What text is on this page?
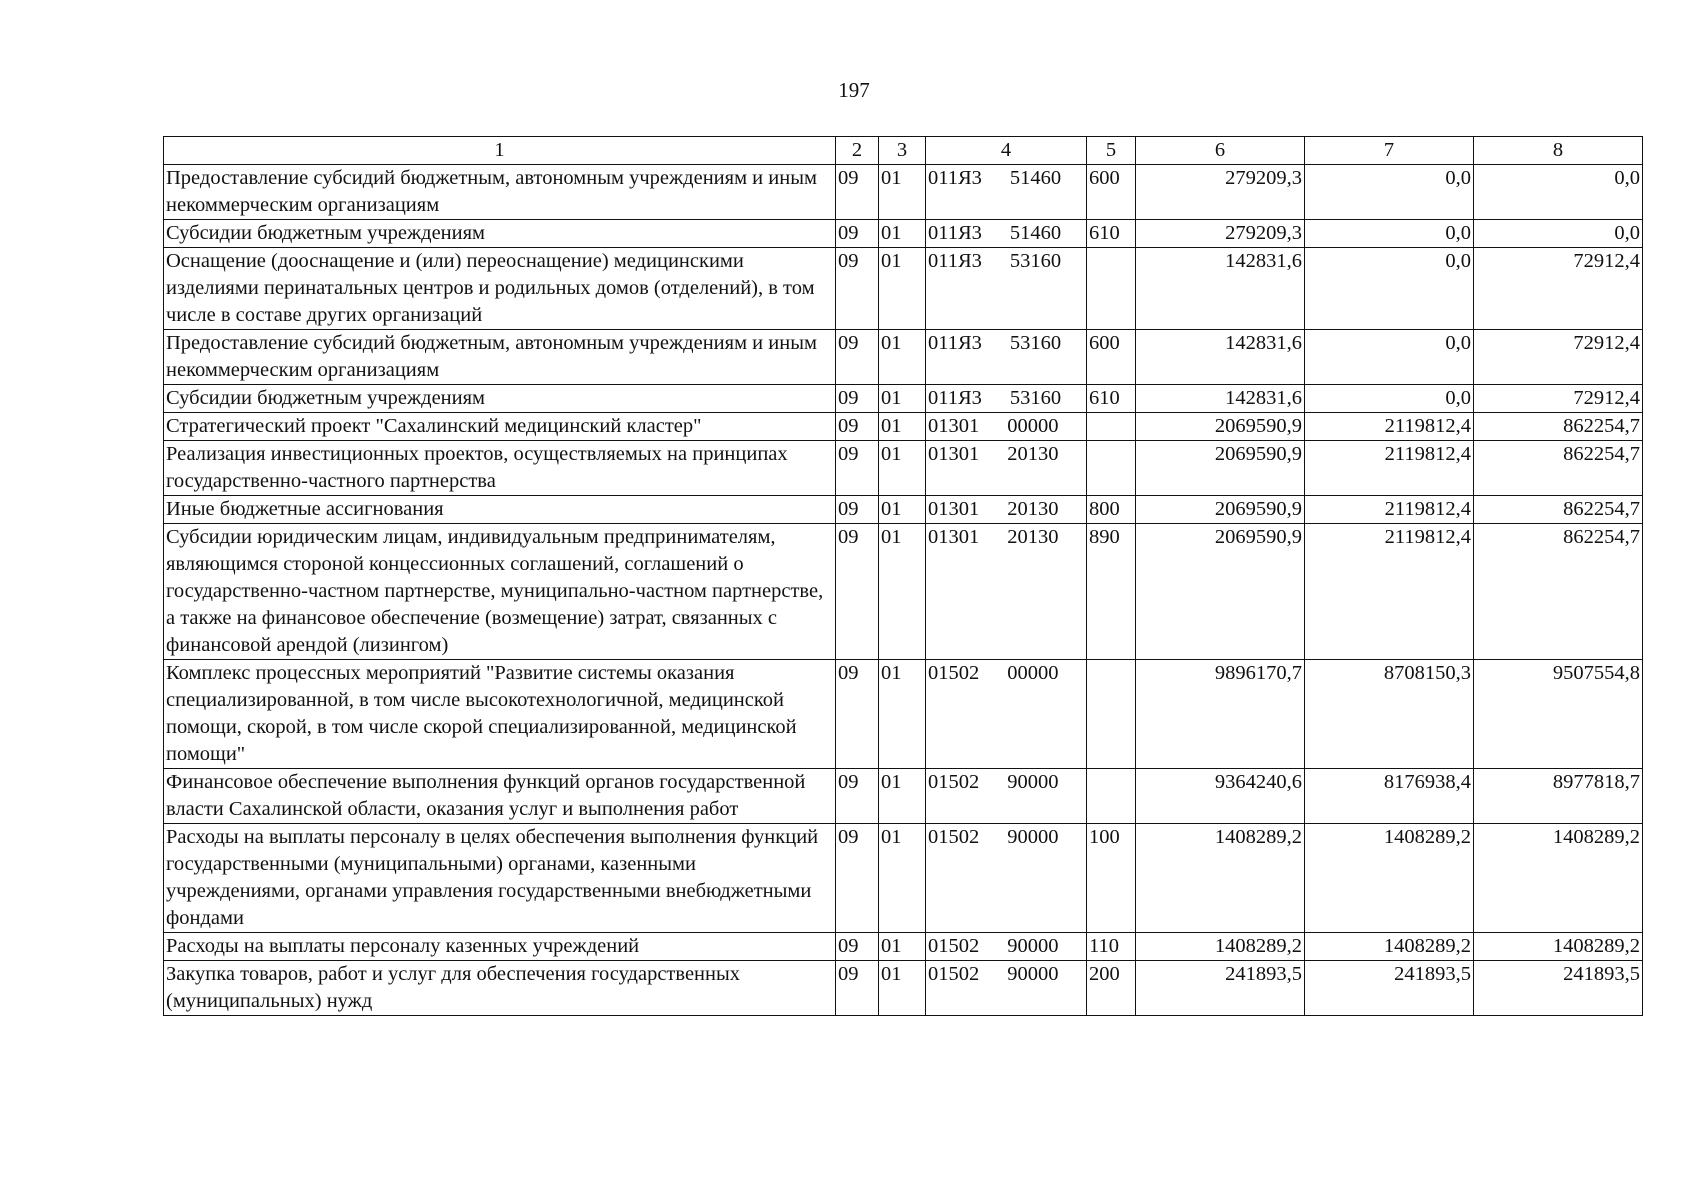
197
1	2	3	4	5	6	7	8
Предоставление субсидий бюджетным, автономным учреждениям и иным некоммерческим организациям	09	01	011Я3 51460	600	279209,3	0,0	0,0
Субсидии бюджетным учреждениям	09	01	011Я3 51460	610	279209,3	0,0	0,0
Оснащение (дооснащение и (или) переоснащение) медицинскими изделиями перинатальных центров и родильных домов (отделений), в том числе в составе других организаций	09	01	011Я3 53160		142831,6	0,0	72912,4
Предоставление субсидий бюджетным, автономным учреждениям и иным некоммерческим организациям	09	01	011Я3 53160	600	142831,6	0,0	72912,4
Субсидии бюджетным учреждениям	09	01	011Я3 53160	610	142831,6	0,0	72912,4
Стратегический проект "Сахалинский медицинский кластер"	09	01	01301 00000		2069590,9	2119812,4	862254,7
Реализация инвестиционных проектов, осуществляемых на принципах государственно-частного партнерства	09	01	01301 20130		2069590,9	2119812,4	862254,7
Иные бюджетные ассигнования	09	01	01301 20130	800	2069590,9	2119812,4	862254,7
Субсидии юридическим лицам, индивидуальным предпринимателям, являющимся стороной концессионных соглашений, соглашений о государственно-частном партнерстве, муниципально-частном партнерстве, а также на финансовое обеспечение (возмещение) затрат, связанных с финансовой арендой (лизингом)	09	01	01301 20130	890	2069590,9	2119812,4	862254,7
Комплекс процессных мероприятий "Развитие системы оказания специализированной, в том числе высокотехнологичной, медицинской помощи, скорой, в том числе скорой специализированной, медицинской помощи"	09	01	01502 00000		9896170,7	8708150,3	9507554,8
Финансовое обеспечение выполнения функций органов государственной власти Сахалинской области, оказания услуг и выполнения работ	09	01	01502 90000		9364240,6	8176938,4	8977818,7
Расходы на выплаты персоналу в целях обеспечения выполнения функций государственными (муниципальными) органами, казенными учреждениями, органами управления государственными внебюджетными фондами	09	01	01502 90000	100	1408289,2	1408289,2	1408289,2
Расходы на выплаты персоналу казенных учреждений	09	01	01502 90000	110	1408289,2	1408289,2	1408289,2
Закупка товаров, работ и услуг для обеспечения государственных (муниципальных) нужд	09	01	01502 90000	200	241893,5	241893,5	241893,5
